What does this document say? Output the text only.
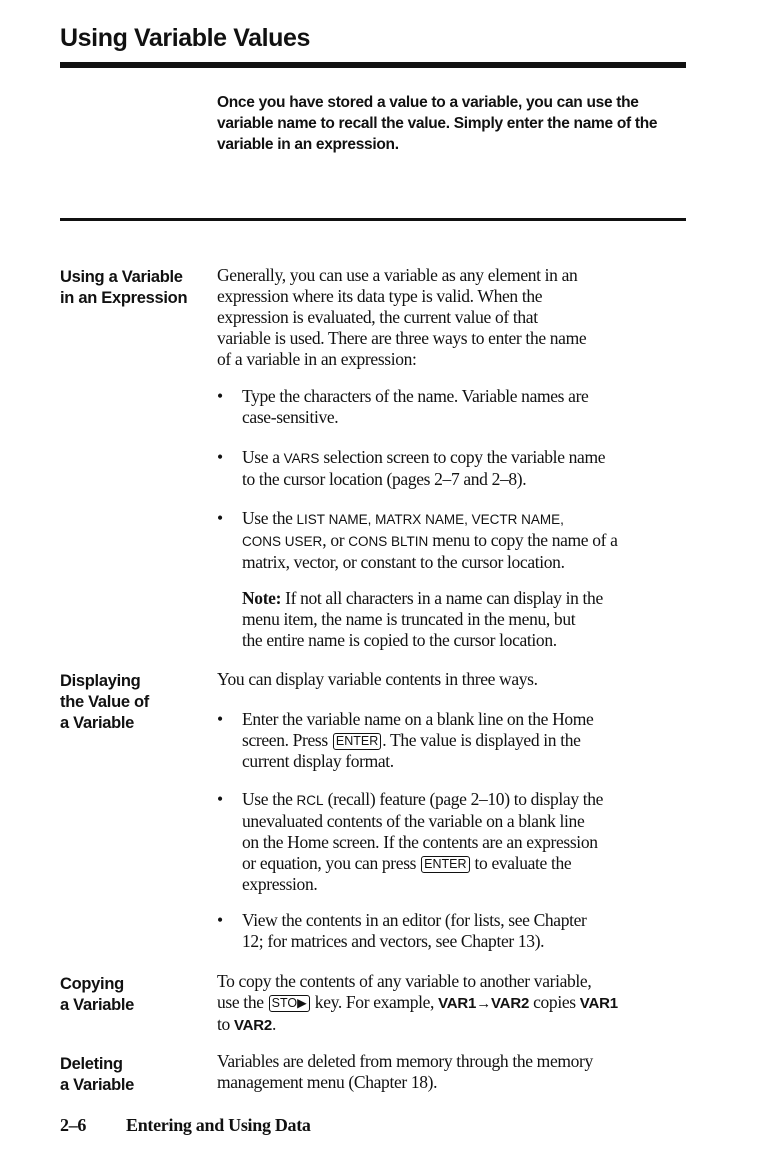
Using Variable Values
Once you have stored a value to a variable, you can use the variable name to recall the value. Simply enter the name of the variable in an expression.
Using a Variable
in an Expression
Generally, you can use a variable as any element in an
expression where its data type is valid. When the
expression is evaluated, the current value of that
variable is used. There are three ways to enter the name
of a variable in an expression:
•	Type the characters of the name. Variable names are
case-sensitive.
•	Use a VARS selection screen to copy the variable name
to the cursor location (pages 2–7 and 2–8).
•	Use the LIST NAME, MATRX NAME, VECTR NAME,
CONS USER, or CONS BLTIN menu to copy the name of a
matrix, vector, or constant to the cursor location.
Note: If not all characters in a name can display in the
menu item, the name is truncated in the menu, but
the entire name is copied to the cursor location.
Displaying
the Value of
a Variable
You can display variable contents in three ways.
•	Enter the variable name on a blank line on the Home
screen. Press ENTER . The value is displayed in the
current display format.
•	Use the RCL (recall) feature (page 2–10) to display the
unevaluated contents of the variable on a blank line
on the Home screen. If the contents are an expression
or equation, you can press ENTER to evaluate the
expression.
•	View the contents in an editor (for lists, see Chapter
12; for matrices and vectors, see Chapter 13).
Copying
a Variable
To copy the contents of any variable to another variable,
use the STO▶ key. For example, VAR1→VAR2 copies VAR1
to VAR2.
Deleting
a Variable
Variables are deleted from memory through the memory
management menu (Chapter 18).
2–6 Entering and Using Data
